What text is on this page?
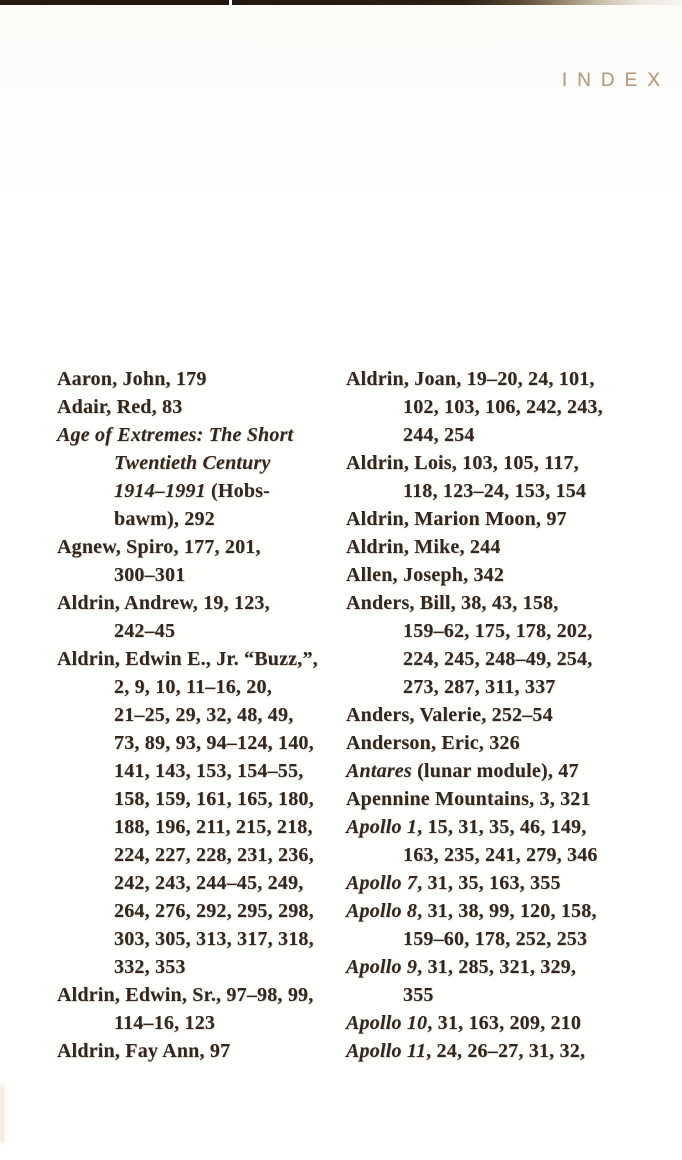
INDEX
Aaron, John, 179
Adair, Red, 83
Age of Extremes: The Short
Twentieth Century
1914–1991 (Hobs-
bawm), 292
Agnew, Spiro, 177, 201,
300–301
Aldrin, Andrew, 19, 123,
242–45
Aldrin, Edwin E., Jr. “Buzz,”,
2, 9, 10, 11–16, 20,
21–25, 29, 32, 48, 49,
73, 89, 93, 94–124, 140,
141, 143, 153, 154–55,
158, 159, 161, 165, 180,
188, 196, 211, 215, 218,
224, 227, 228, 231, 236,
242, 243, 244–45, 249,
264, 276, 292, 295, 298,
303, 305, 313, 317, 318,
332, 353
Aldrin, Edwin, Sr., 97–98, 99,
114–16, 123
Aldrin, Fay Ann, 97
Aldrin, Joan, 19–20, 24, 101,
102, 103, 106, 242, 243,
244, 254
Aldrin, Lois, 103, 105, 117,
118, 123–24, 153, 154
Aldrin, Marion Moon, 97
Aldrin, Mike, 244
Allen, Joseph, 342
Anders, Bill, 38, 43, 158,
159–62, 175, 178, 202,
224, 245, 248–49, 254,
273, 287, 311, 337
Anders, Valerie, 252–54
Anderson, Eric, 326
Antares (lunar module), 47
Apennine Mountains, 3, 321
Apollo 1, 15, 31, 35, 46, 149,
163, 235, 241, 279, 346
Apollo 7, 31, 35, 163, 355
Apollo 8, 31, 38, 99, 120, 158,
159–60, 178, 252, 253
Apollo 9, 31, 285, 321, 329,
355
Apollo 10, 31, 163, 209, 210
Apollo 11, 24, 26–27, 31, 32,
